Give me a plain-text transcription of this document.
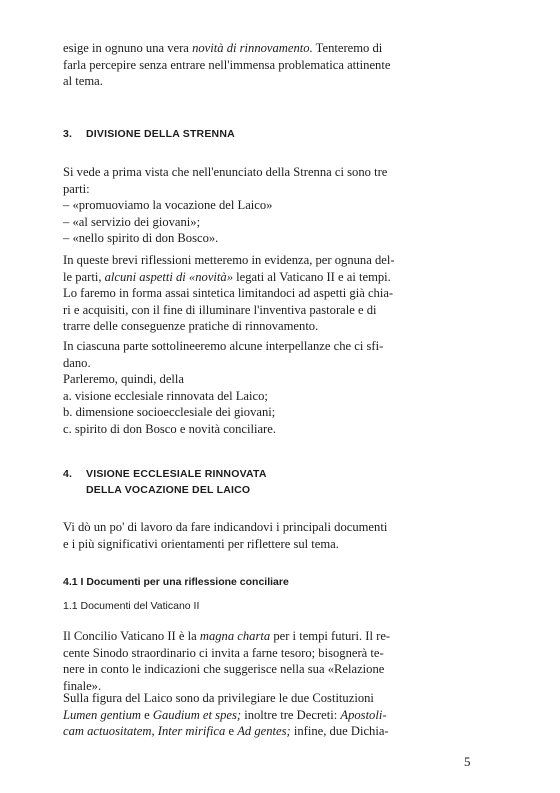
esige in ognuno una vera novità di rinnovamento. Tenteremo di
farla percepire senza entrare nell'immensa problematica attinente
al tema.
3. DIVISIONE DELLA STRENNA
Si vede a prima vista che nell'enunciato della Strenna ci sono tre
parti:
– «promuoviamo la vocazione del Laico»
– «al servizio dei giovani»;
– «nello spirito di don Bosco».
In queste brevi riflessioni metteremo in evidenza, per ognuna del-
le parti, alcuni aspetti di «novità» legati al Vaticano II e ai tempi.
Lo faremo in forma assai sintetica limitandoci ad aspetti già chia-
ri e acquisiti, con il fine di illuminare l'inventiva pastorale e di
trarre delle conseguenze pratiche di rinnovamento.
In ciascuna parte sottolineeremo alcune interpellanze che ci sfi-
dano.
Parleremo, quindi, della
a. visione ecclesiale rinnovata del Laico;
b. dimensione socioecclesiale dei giovani;
c. spirito di don Bosco e novità conciliare.
4. VISIONE ECCLESIALE RINNOVATA
DELLA VOCAZIONE DEL LAICO
Vi dò un po' di lavoro da fare indicandovi i principali documenti
e i più significativi orientamenti per riflettere sul tema.
4.1 I Documenti per una riflessione conciliare
1.1 Documenti del Vaticano II
Il Concilio Vaticano II è la magna charta per i tempi futuri. Il re-
cente Sinodo straordinario ci invita a farne tesoro; bisognerà te-
nere in conto le indicazioni che suggerisce nella sua «Relazione
finale».
Sulla figura del Laico sono da privilegiare le due Costituzioni
Lumen gentium e Gaudium et spes; inoltre tre Decreti: Apostoli-
cam actuositatem, Inter mirifica e Ad gentes; infine, due Dichia-
5
